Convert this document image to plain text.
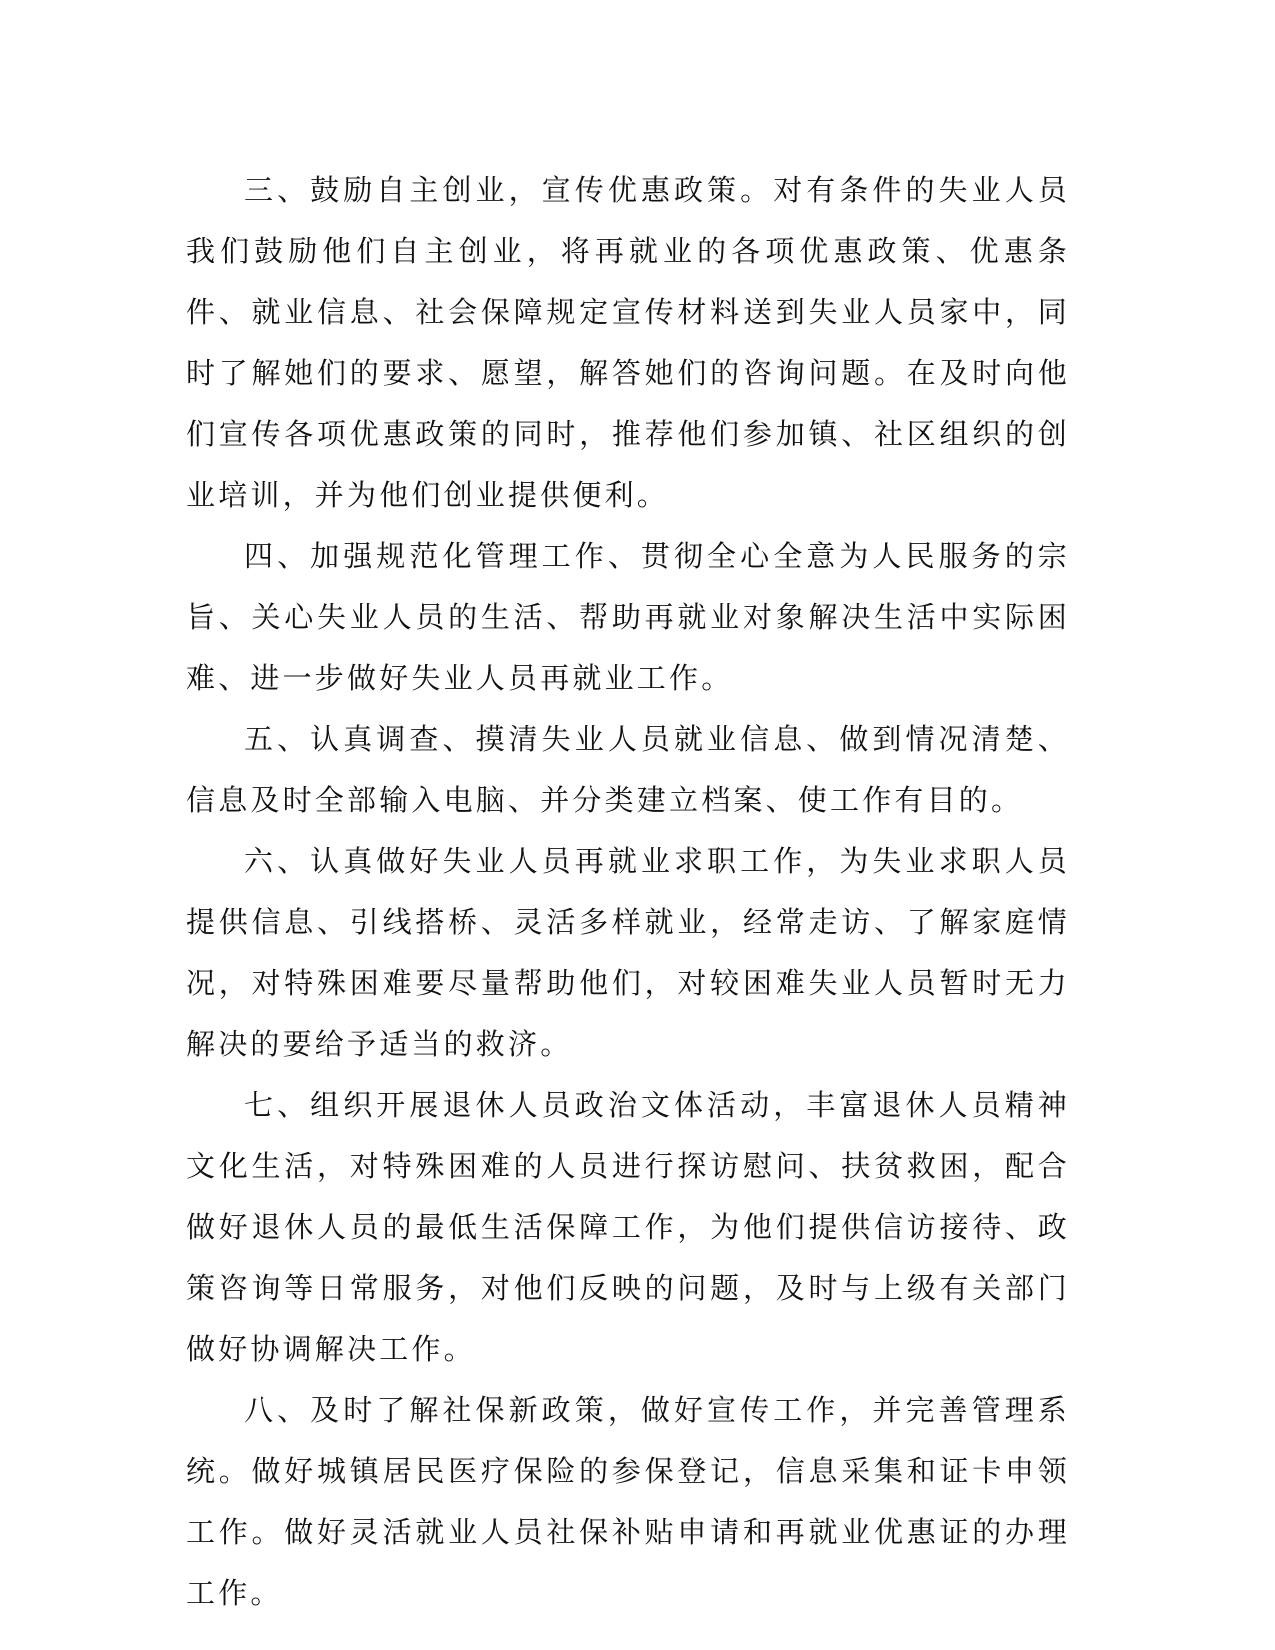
三、鼓励自主创业，宣传优惠政策。对有条件的失业人员我们鼓励他们自主创业，将再就业的各项优惠政策、优惠条件、就业信息、社会保障规定宣传材料送到失业人员家中，同时了解她们的要求、愿望，解答她们的咨询问题。在及时向他们宣传各项优惠政策的同时，推荐他们参加镇、社区组织的创业培训，并为他们创业提供便利。

四、加强规范化管理工作、贯彻全心全意为人民服务的宗旨、关心失业人员的生活、帮助再就业对象解决生活中实际困难、进一步做好失业人员再就业工作。

五、认真调查、摸清失业人员就业信息、做到情况清楚、信息及时全部输入电脑、并分类建立档案、使工作有目的。

六、认真做好失业人员再就业求职工作，为失业求职人员提供信息、引线搭桥、灵活多样就业，经常走访、了解家庭情况，对特殊困难要尽量帮助他们，对较困难失业人员暂时无力解决的要给予适当的救济。

七、组织开展退休人员政治文体活动，丰富退休人员精神文化生活，对特殊困难的人员进行探访慰问、扶贫救困，配合做好退休人员的最低生活保障工作，为他们提供信访接待、政策咨询等日常服务，对他们反映的问题，及时与上级有关部门做好协调解决工作。

八、及时了解社保新政策，做好宣传工作，并完善管理系统。做好城镇居民医疗保险的参保登记，信息采集和证卡申领工作。做好灵活就业人员社保补贴申请和再就业优惠证的办理工作。
